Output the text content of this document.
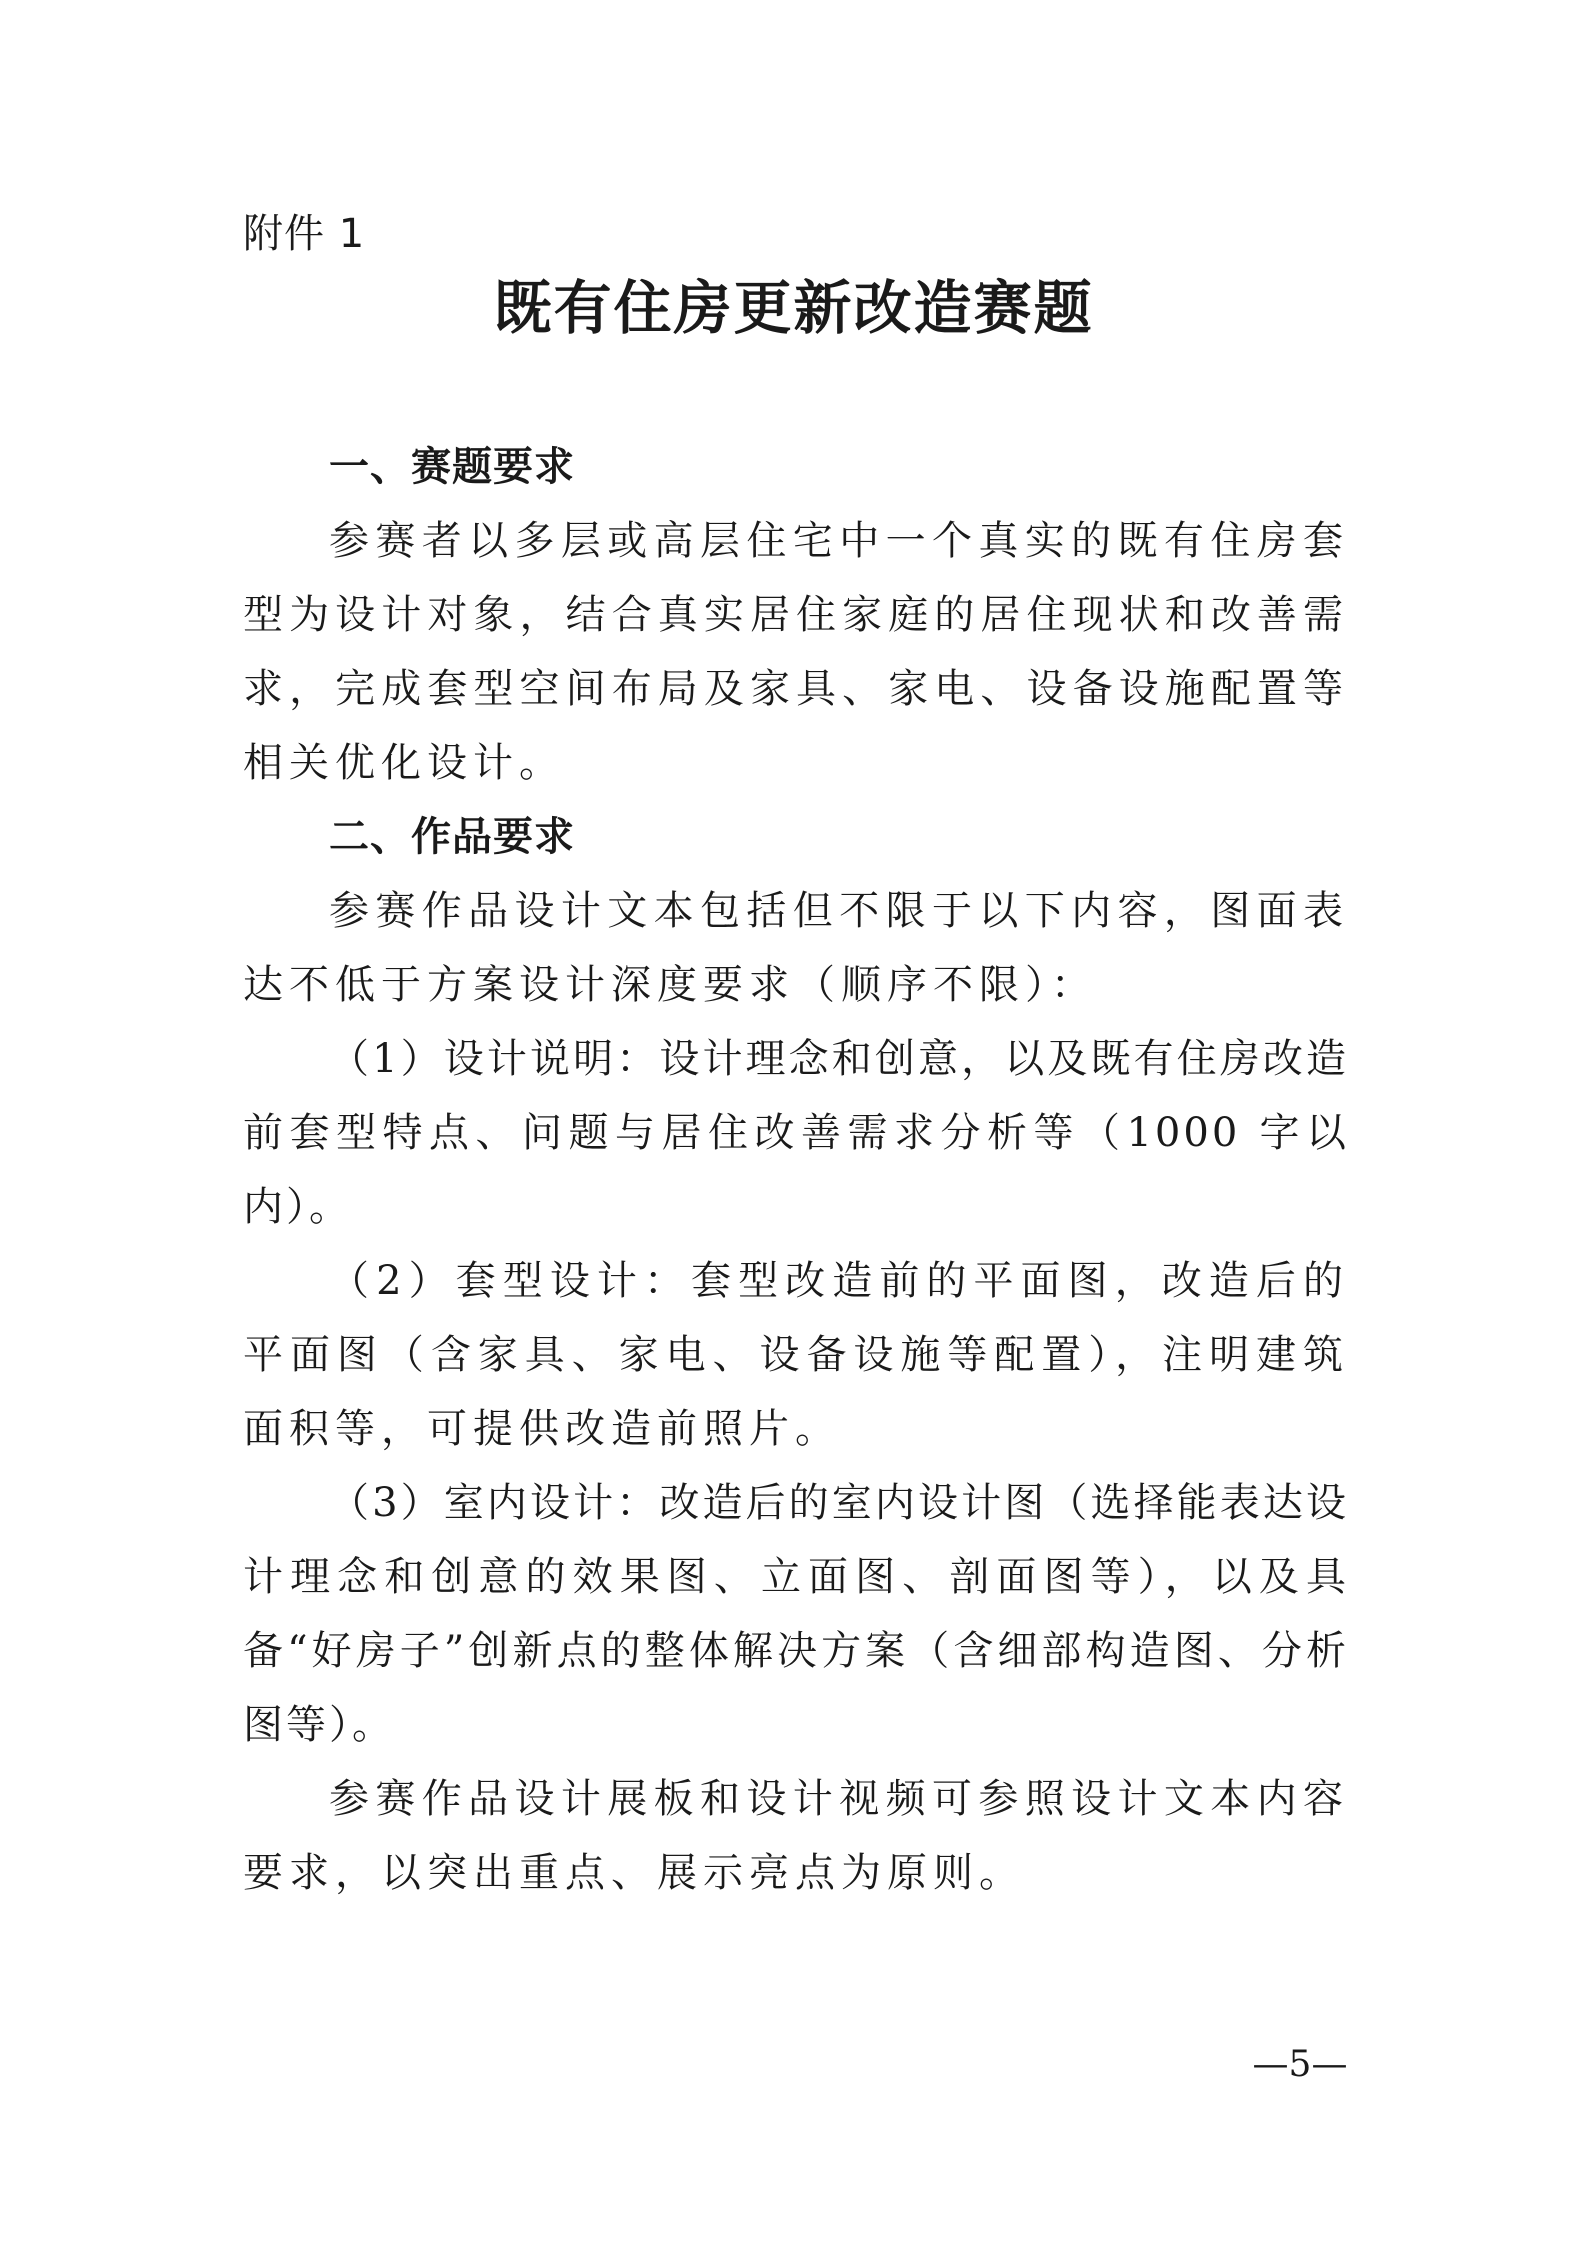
附件 1

既有住房更新改造赛题
一、赛题要求

参赛者以多层或高层住宅中一个真实的既有住房套型为设计对象，结合真实居住家庭的居住现状和改善需求，完成套型空间布局及家具、家电、设备设施配置等相关优化设计。

二、作品要求

参赛作品设计文本包括但不限于以下内容，图面表达不低于方案设计深度要求（顺序不限）：

（1）设计说明：设计理念和创意，以及既有住房改造前套型特点、问题与居住改善需求分析等（1000 字以内）。

（2）套型设计：套型改造前的平面图，改造后的平面图（含家具、家电、设备设施等配置），注明建筑面积等，可提供改造前照片。

（3）室内设计：改造后的室内设计图（选择能表达设计理念和创意的效果图、立面图、剖面图等），以及具备“好房子”创新点的整体解决方案（含细部构造图、分析图等）。

参赛作品设计展板和设计视频可参照设计文本内容要求，以突出重点、展示亮点为原则。

—5—
